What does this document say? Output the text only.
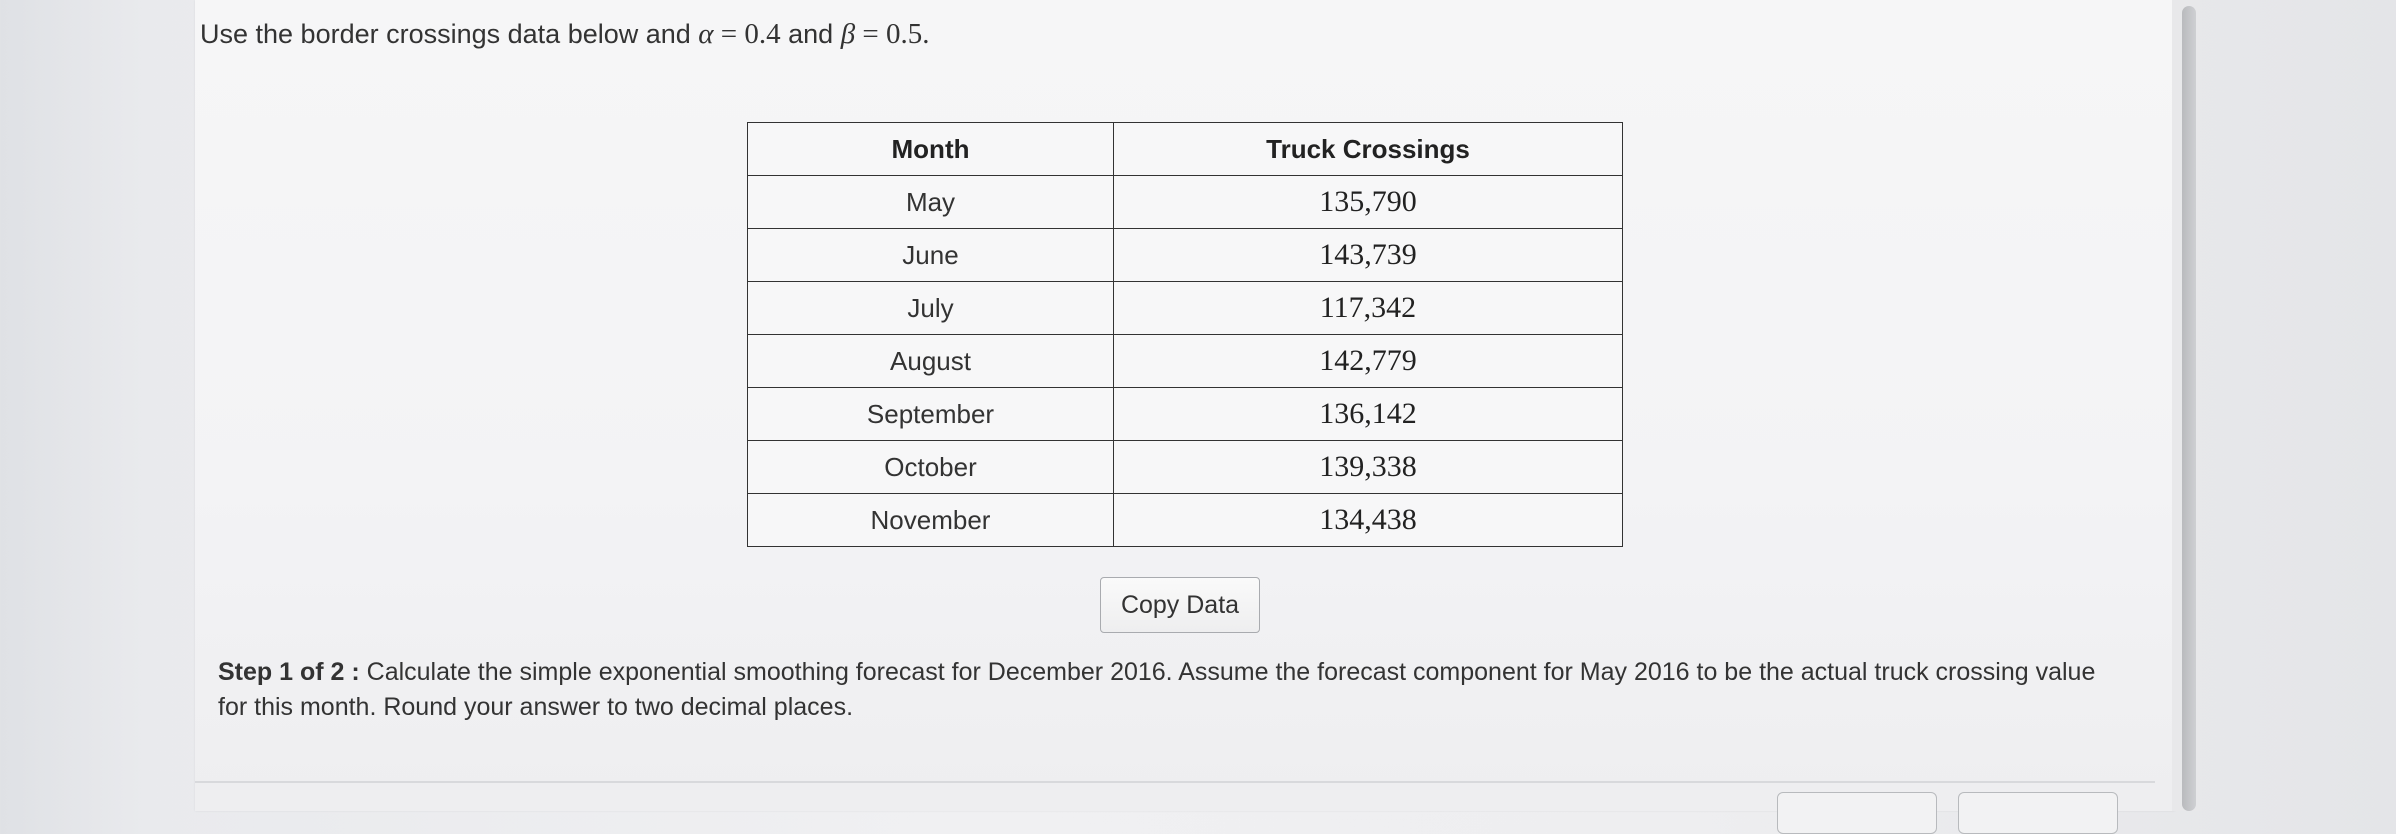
Use the border crossings data below and α = 0.4 and β = 0.5.
Month	Truck Crossings
May	135,790
June	143,739
July	117,342
August	142,779
September	136,142
October	139,338
November	134,438
Copy Data
Step 1 of 2 : Calculate the simple exponential smoothing forecast for December 2016. Assume the forecast component for May 2016 to be the actual truck crossing value for this month. Round your answer to two decimal places.
